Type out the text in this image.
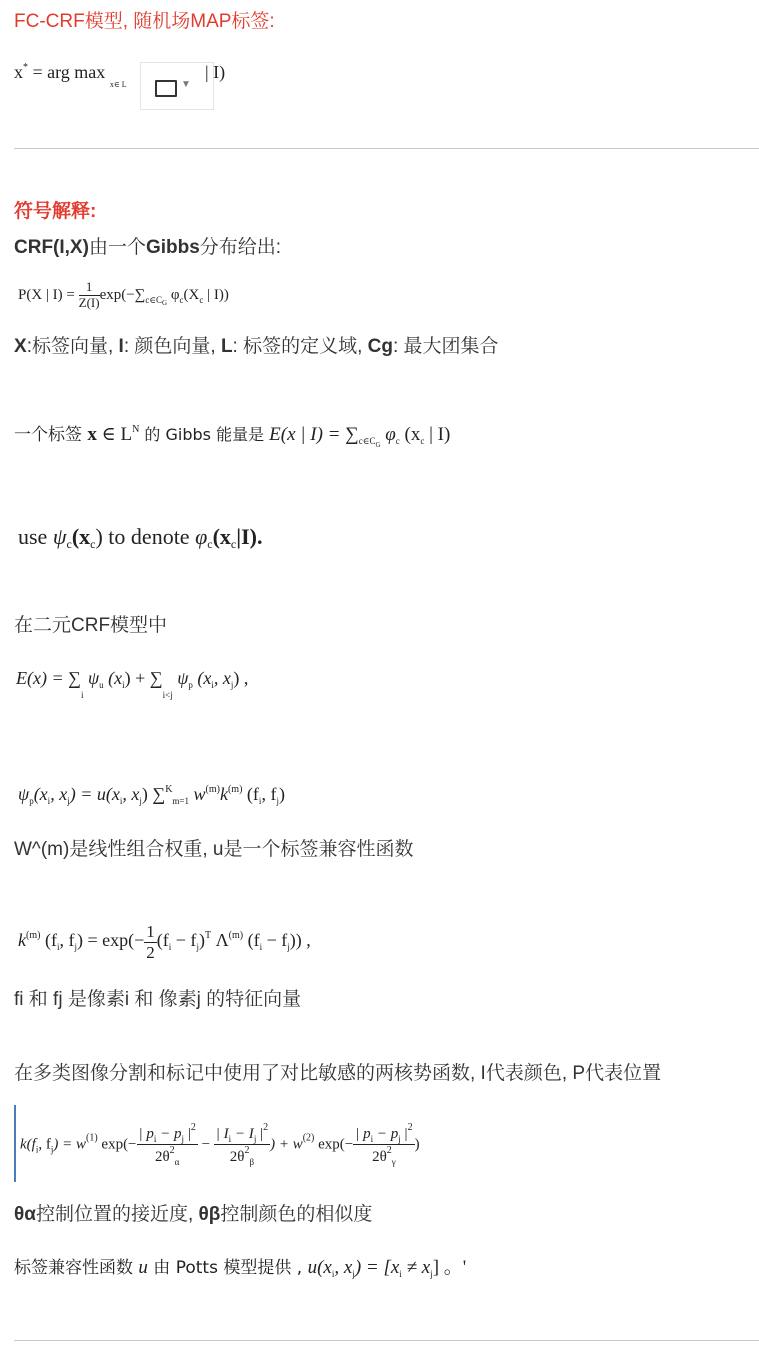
FC-CRF模型, 随机场MAP标签:
x* = arg max $_{x\in L}$	▼
| I)
符号解释:
CRF(I,X)由一个Gibbs分布给出:
P(X | $I) = \frac{1}{Z(I)} \exp(-\sum_{c\in CG}$ $\varphi_c(X_c$ | I))
X:标签向量, I: 颜色向量, L: 标签的定义域, Cg: 最大团集合
一个标签 x ∈ $L^N$ 的 Gibbs 能量是 E(x | $I) = \sum_{c\in CG}$ $\varphi_c$ ($x_c$ | I)
use $\psi_c(x_c)$ to denote $\varphi_c(x_c|I)$.
在二元CRF模型中
$E(x) = \sum_i$ $\psi_u$ $(x_i) + \sum_{i<j}$ $\psi_p$ ($x_i$, $x_j$) ,
$\psi_p(x_i$, $x_j) = u(x_i$, $x_j$) ∑$^K_{m=1}$ $w^{(m)}k^{(m)}$ ($f_i$, $f_j$)
W^(m)是线性组合权重, u是一个标签兼容性函数
$k^{(m)}$ ($f_i$, $f_j) = \exp(- \frac{1}{2} (f_i - f_j)^T$ $\Lambda^{(m)}$ $(f_i - f_j)$) ,
fi 和 fj 是像素i 和 像素j 的特征向量
在多类图像分割和标记中使用了对比敏感的两核势函数, I代表颜色, P代表位置
$k(f_i$, $f_j) = w^{(1)}$ $\exp(- \frac{| p_i - p_j |^2}{2\theta^2_\alpha} - \frac{| I_i - I_j |^2}{2\theta^2_\beta}$ ) + $w^{(2)}$ $\exp(- \frac{| p_i - p_j |^2}{2\theta^2_\gamma}$ )
θα控制位置的接近度, θβ控制颜色的相似度
标签兼容性函数 u 由 Potts 模型提供 , $u(x_i$, $x_j) = [x_i \ne x_j]$ 。'
